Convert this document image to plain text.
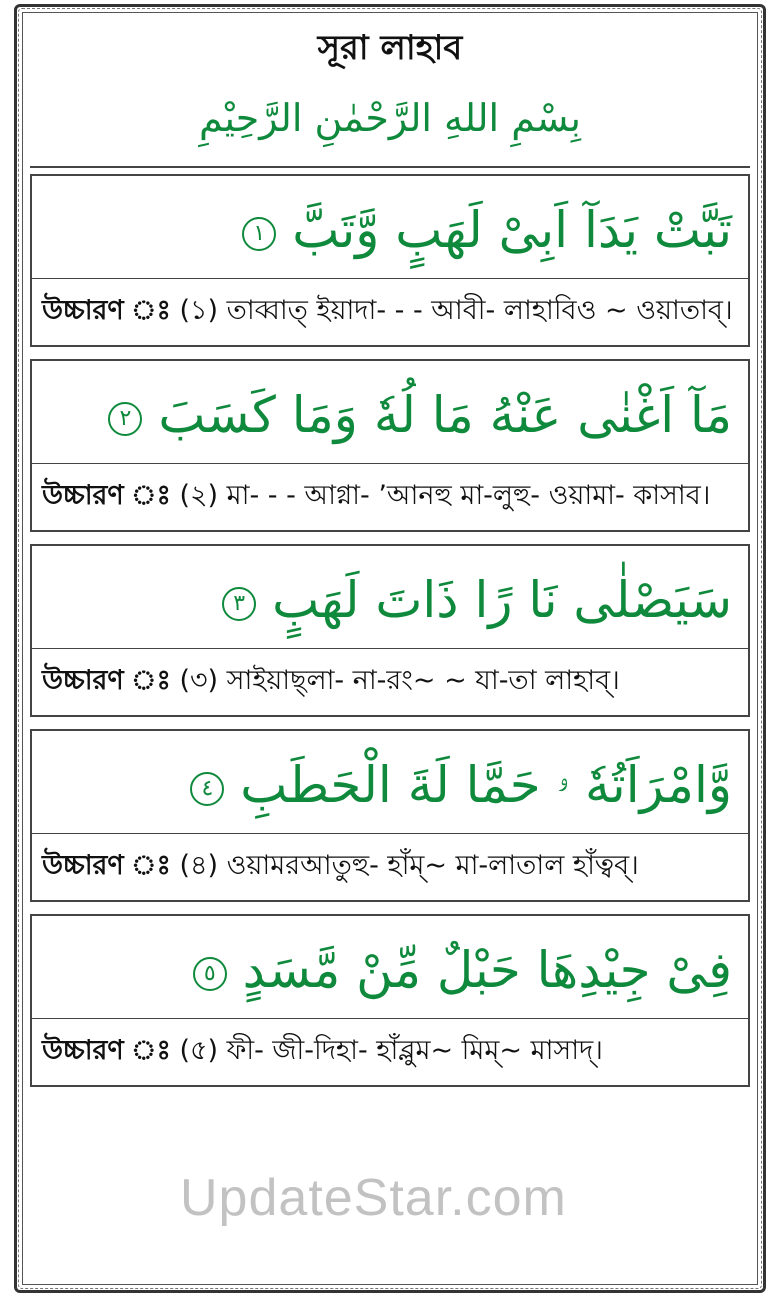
সূরা লাহাব
بِسْمِ اللهِ الرَّحْمٰنِ الرَّحِيْمِ
تَبَّتْ يَدَآ اَبِىْ لَهَبٍ وَّتَبَّ ١
উচ্চারণ ঃ (১) তাব্বাত্ ইয়াদা- - - আবী- লাহাবিও ~ ওয়াতাব্।
مَآ اَغْنٰى عَنْهُ مَا لُهٗ وَمَا كَسَبَ ٢
উচ্চারণ ঃ (২) মা- - - আগ্না- ’আনহু মা-লুহু- ওয়ামা- কাসাব।
سَيَصْلٰى نَا رًا ذَاتَ لَهَبٍ ٣
উচ্চারণ ঃ (৩) সাইয়াছ্লা- না-রং~ ~ যা-তা লাহাব্।
وَّامْرَاَتُهٗ ۥ حَمَّا لَةَ الْحَطَبِ ٤
উচ্চারণ ঃ (৪) ওয়ামরআতুহু- হাঁম্~ মা-লাতাল হাঁত্বব্।
فِىْ جِيْدِهَا حَبْلٌ مِّنْ مَّسَدٍ ٥
উচ্চারণ ঃ (৫) ফী- জী-দিহা- হাঁব্লুম~ মিম্~ মাসাদ্।
UpdateStar.com
